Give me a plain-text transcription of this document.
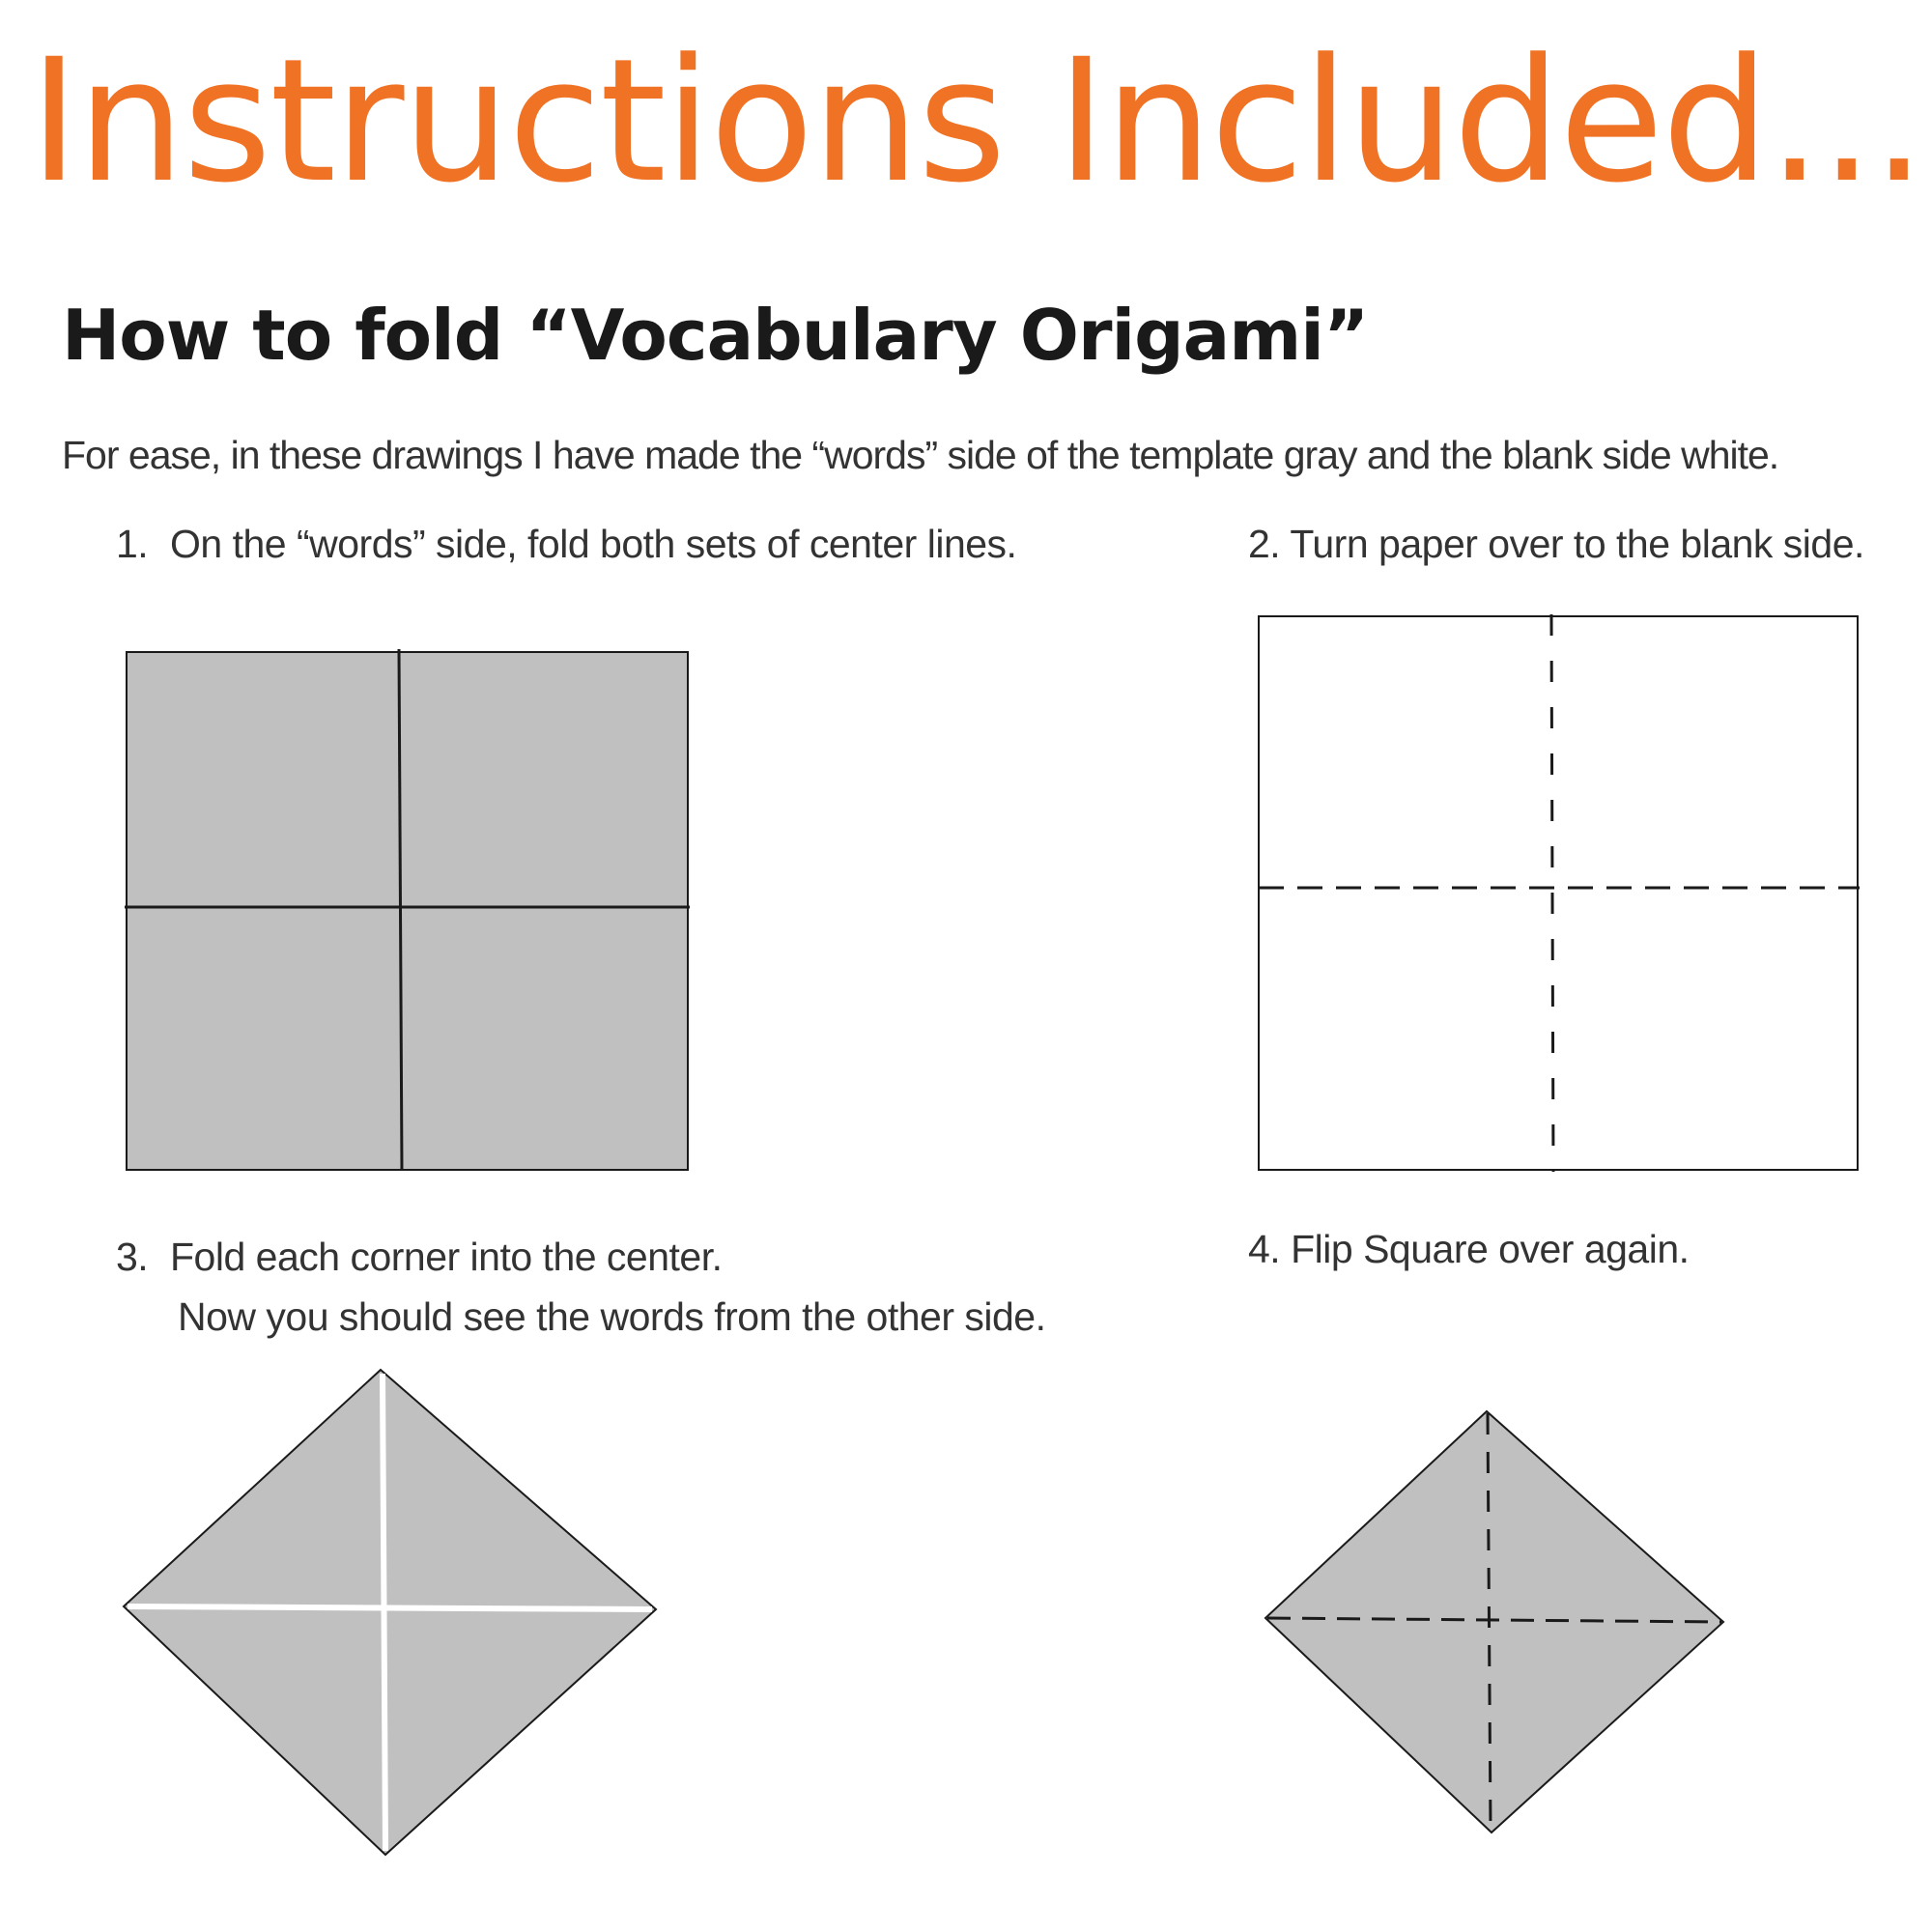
Instructions Included...
How to fold “Vocabulary Origami”
For ease, in these drawings I have made the “words” side of the template gray and the blank side white.
1. On the “words” side, fold both sets of center lines.	2. Turn paper over to the blank side.
3. Fold each corner into the center.
Now you should see the words from the other side.
4. Flip Square over again.
